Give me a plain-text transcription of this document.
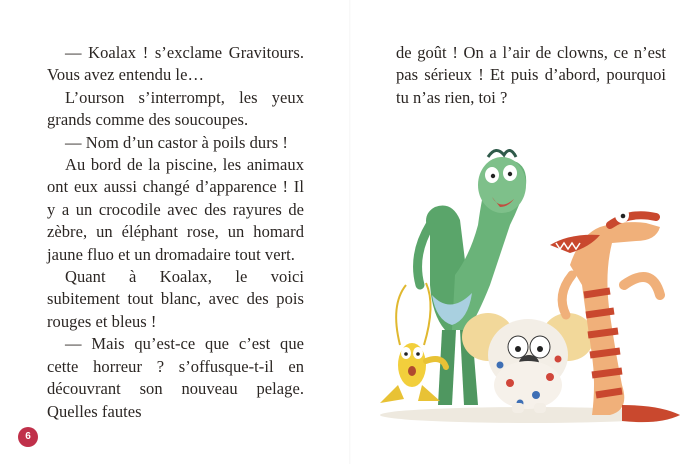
— Koalax ! s’exclame Gravitours. Vous avez entendu le…

L’ourson s’interrompt, les yeux grands comme des soucoupes.

— Nom d’un castor à poils durs !

Au bord de la piscine, les animaux ont eux aussi changé d’apparence ! Il y a un crocodile avec des rayures de zèbre, un éléphant rose, un homard jaune fluo et un dromadaire tout vert.

Quant à Koalax, le voici subitement tout blanc, avec des pois rouges et bleus !

— Mais qu’est-ce que c’est que cette horreur ? s’offusque-t-il en découvrant son nouveau pelage. Quelles fautes

6

de goût ! On a l’air de clowns, ce n’est pas sérieux ! Et puis d’abord, pourquoi tu n’as rien, toi ?
